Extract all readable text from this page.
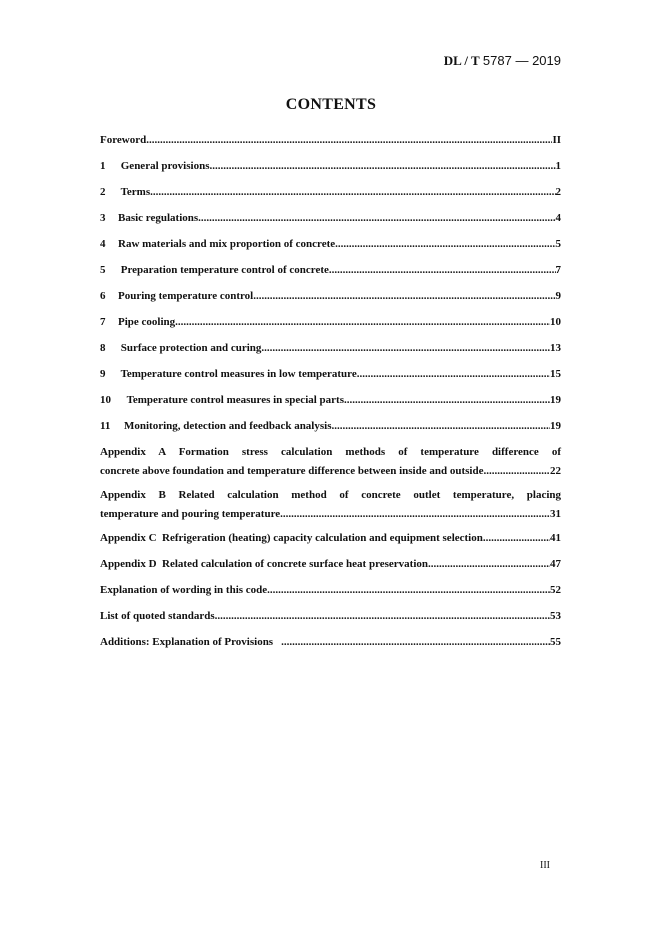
DL / T 5787 — 2019
CONTENTS
Foreword .....	II
1 General provisions .....	1
2 Terms .....	2
3 Basic regulations .....	4
4 Raw materials and mix proportion of concrete .....	5
5 Preparation temperature control of concrete .....	7
6 Pouring temperature control .....	9
7 Pipe cooling .....	10
8 Surface protection and curing .....	13
9 Temperature control measures in low temperature .....	15
10 Temperature control measures in special parts .....	19
11 Monitoring, detection and feedback analysis .....	19
Appendix A Formation stress calculation methods of temperature difference of
concrete above foundation and temperature difference between inside and outside .....	22
Appendix B Related calculation method of concrete outlet temperature, placing
temperature and pouring temperature .....	31
Appendix C  Refrigeration (heating) capacity calculation and equipment selection .....	41
Appendix D  Related calculation of concrete surface heat preservation .....	47
Explanation of wording in this code .....	52
List of quoted standards .....	53
Additions: Explanation of Provisions .....	55
III
